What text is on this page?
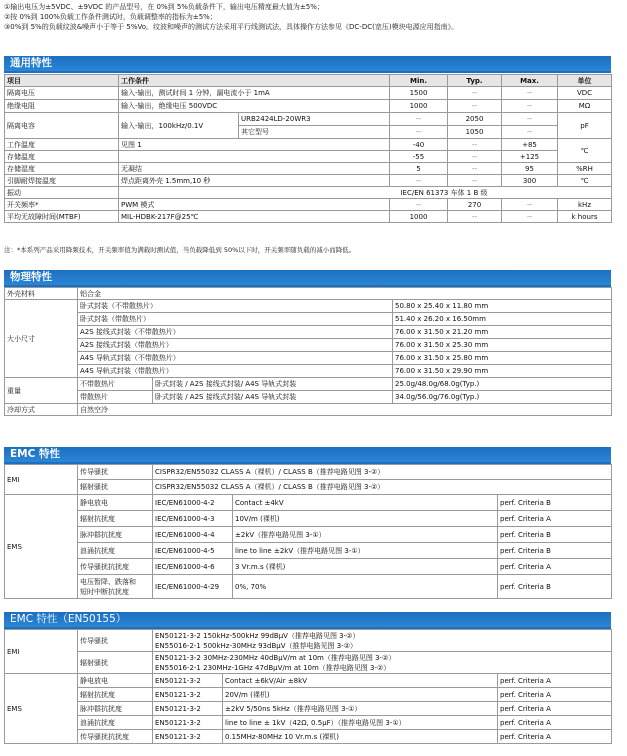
①输出电压为±5VDC、±9VDC 的产品型号，在 0%到 5%负载条件下，输出电压精度最大值为±5%；
②按 0%到 100%负载工作条件测试时，负载调整率的指标为±5%；
③0%到 5%的负载纹波&噪声小于等于 5%Vo。纹波和噪声的测试方法采用平行线测试法，具体操作方法参见《DC-DC(宽压)模块电源应用指南》。
通用特性
项目	工作条件		Min.	Typ.	Max.	单位
隔离电压	输入-输出，测试时间 1 分钟，漏电流小于 1mA		1500	--	--	VDC
绝缘电阻	输入-输出，绝缘电压 500VDC		1000	--	--	MΩ
隔离电容	输入-输出，100kHz/0.1V	URB2424LD-20WR3	--	2050	--	pF
		其它型号	--	1050	--	
工作温度	见图 1		-40	--	+85	℃
存储温度			-55	--	+125	
存储湿度	无凝结		5	--	95	%RH
引脚耐焊接温度	焊点距离外壳 1.5mm,10 秒		--	--	300	℃
振动	IEC/EN 61373 车体 1 B 级					
开关频率*	PWM 模式		--	270	--	kHz
平均无故障时间(MTBF)	MIL-HDBK-217F@25℃		1000	--	--	k hours
注：*本系列产品采用降频技术，开关频率值为满载时测试值，当负载降低到 50%以下时，开关频率随负载的减小而降低。
物理特性
外壳材料	铝合金		
大小尺寸	卧式封装（不带散热片）		50.80 x 25.40 x 11.80 mm
	卧式封装（带散热片）		51.40 x 26.20 x 16.50mm
	A2S 接线式封装（不带散热片）		76.00 x 31.50 x 21.20 mm
	A2S 接线式封装（带散热片）		76.00 x 31.50 x 25.30 mm
	A4S 导轨式封装（不带散热片）		76.00 x 31.50 x 25.80 mm
	A4S 导轨式封装（带散热片）		76.00 x 31.50 x 29.90 mm
重量	不带散热片	卧式封装 / A2S 接线式封装/ A4S 导轨式封装	25.0g/48.0g/68.0g(Typ.)
	带散热片	卧式封装 / A2S 接线式封装/ A4S 导轨式封装	34.0g/56.0g/76.0g(Typ.)
冷却方式	自然空冷		
EMC 特性
EMI	传导骚扰	CISPR32/EN55032 CLASS A（裸机）/ CLASS B（推荐电路见图 3-②）		
	辐射骚扰	CISPR32/EN55032 CLASS A（裸机）/ CLASS B（推荐电路见图 3-②）		
EMS	静电放电	IEC/EN61000-4-2	Contact ±4kV	perf. Criteria B
	辐射抗扰度	IEC/EN61000-4-3	10V/m (裸机)	perf. Criteria A
	脉冲群抗扰度	IEC/EN61000-4-4	±2kV（推荐电路见图 3-①）	perf. Criteria B
	浪涌抗扰度	IEC/EN61000-4-5	line to line ±2kV（推荐电路见图 3-①）	perf. Criteria B
	传导骚扰抗扰度	IEC/EN61000-4-6	3 Vr.m.s (裸机)	perf. Criteria A
	电压暂降、跌落和
短时中断抗扰度	IEC/EN61000-4-29	0%, 70%	perf. Criteria B
EMC 特性（EN50155）
EMI	传导骚扰	EN50121-3-2 150kHz-500kHz 99dBμV（推荐电路见图 3-②）
EN55016-2-1 500kHz-30MHz 93dBμV（推荐电路见图 3-②）		

	辐射骚扰	EN50121-3-2 30MHz-230MHz 40dBμV/m at 10m（推荐电路见图 3-②）
EN55016-2-1 230MHz-1GHz 47dBμV/m at 10m（推荐电路见图 3-②）		

EMS	静电放电	EN50121-3-2	Contact ±6kV/Air ±8kV	perf. Criteria A
	辐射抗扰度	EN50121-3-2	20V/m (裸机)	perf. Criteria A
	脉冲群抗扰度	EN50121-3-2	±2kV 5/50ns 5kHz（推荐电路见图 3-①）	perf. Criteria A
	浪涌抗扰度	EN50121-3-2	line to line ± 1kV（42Ω, 0.5μF）（推荐电路见图 3-①）	perf. Criteria A
	传导骚扰抗扰度	EN50121-3-2	0.15MHz-80MHz 10 Vr.m.s (裸机)	perf. Criteria A
